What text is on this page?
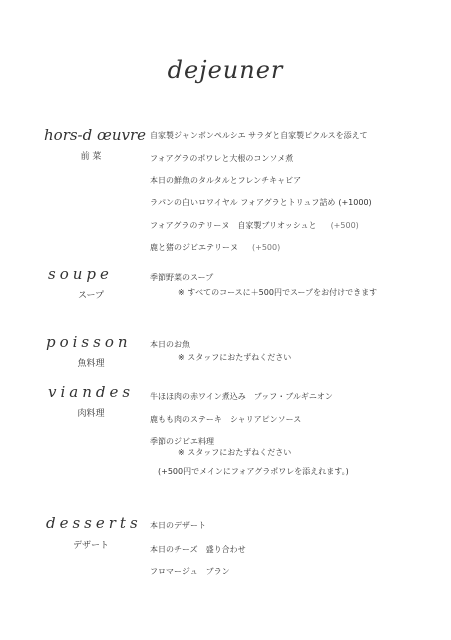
dejeuner
hors-d œuvre
前 菜
自家製ジャンボンペルシエ サラダと自家製ピクルスを添えて
フォアグラのポワレと大根のコンソメ煮
本日の鮮魚のタルタルとフレンチキャビア
ラパンの白いロワイヤル フォアグラとトリュフ詰め (+1000)
フォアグラのテリーヌ　自家製ブリオッシュと (+500)
鹿と猪のジビエテリーヌ (+500)
soupe
スープ
季節野菜のスープ
※ すべてのコースに＋500円でスープをお付けできます
poisson
魚料理
本日のお魚
※ スタッフにおたずねください
viandes
肉料理
牛ほほ肉の赤ワイン煮込み　ブッフ・ブルギニオン
鹿もも肉のステーキ　シャリアピンソース
季節のジビエ料理
※ スタッフにおたずねください
(+500円でメインにフォアグラポワレを添えれます。)
desserts
デザート
本日のデザート
本日のチーズ　盛り合わせ
フロマージュ　ブラン
